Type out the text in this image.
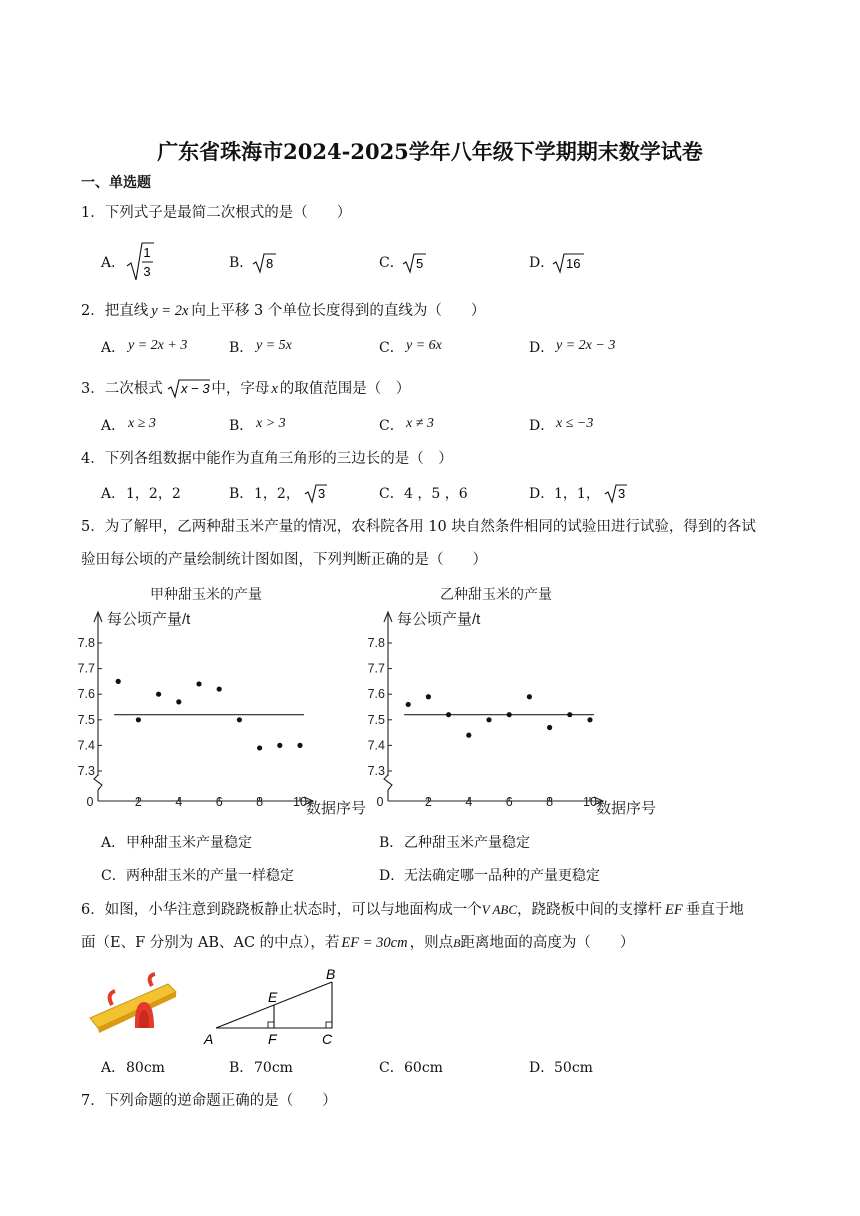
广东省珠海市2024-2025学年八年级下学期期末数学试卷
一、单选题
1．下列式子是最简二次根式的是（　　）
A．
1
3
B． 8	C． 5	D． 16
2．把直线 y = 2x 向上平移 3 个单位长度得到的直线为（　　）
A． y = 2x + 3	B． y = 5x	C． y = 6x	D． y = 2x − 3
3．二次根式 x − 3 中，字母 x 的取值范围是（　）
A． x ≥ 3	B． x > 3	C． x ≠ 3	D． x ≤ −3
4．下列各组数据中能作为直角三角形的三边长的是（　）
A． 1，2，2	B． 1，2， 3	C． 4 ，5 ，6	D． 1，1， 3
5．为了解甲，乙两种甜玉米产量的情况，农科院各用 10 块自然条件相同的试验田进行试验，得到的各试
验田每公顷的产量绘制统计图如图，下列判断正确的是（　　）
甲种甜玉米的产量
每公顷产量/t
数据序号
7.3
7.4
7.5
7.6
7.7
7.8
0	2	4	6	8 10
乙种甜玉米的产量
每公顷产量/t
数据序号
7.3
7.4
7.5
7.6
7.7
7.8
0	2	4	6	8 10
A． 甲种甜玉米产量稳定	B． 乙种甜玉米产量稳定
C． 两种甜玉米的产量一样稳定	D． 无法确定哪一品种的产量更稳定
6．如图，小华注意到跷跷板静止状态时，可以与地面构成一个V ABC，跷跷板中间的支撑杆 EF 垂直于地
面（E、F 分别为 AB、AC 的中点），若 EF = 30cm ，则点B距离地面的高度为（　　）
A
B
C
E
F
A． 80cm	B． 70cm	C． 60cm	D． 50cm
7．下列命题的逆命题正确的是（　　）
